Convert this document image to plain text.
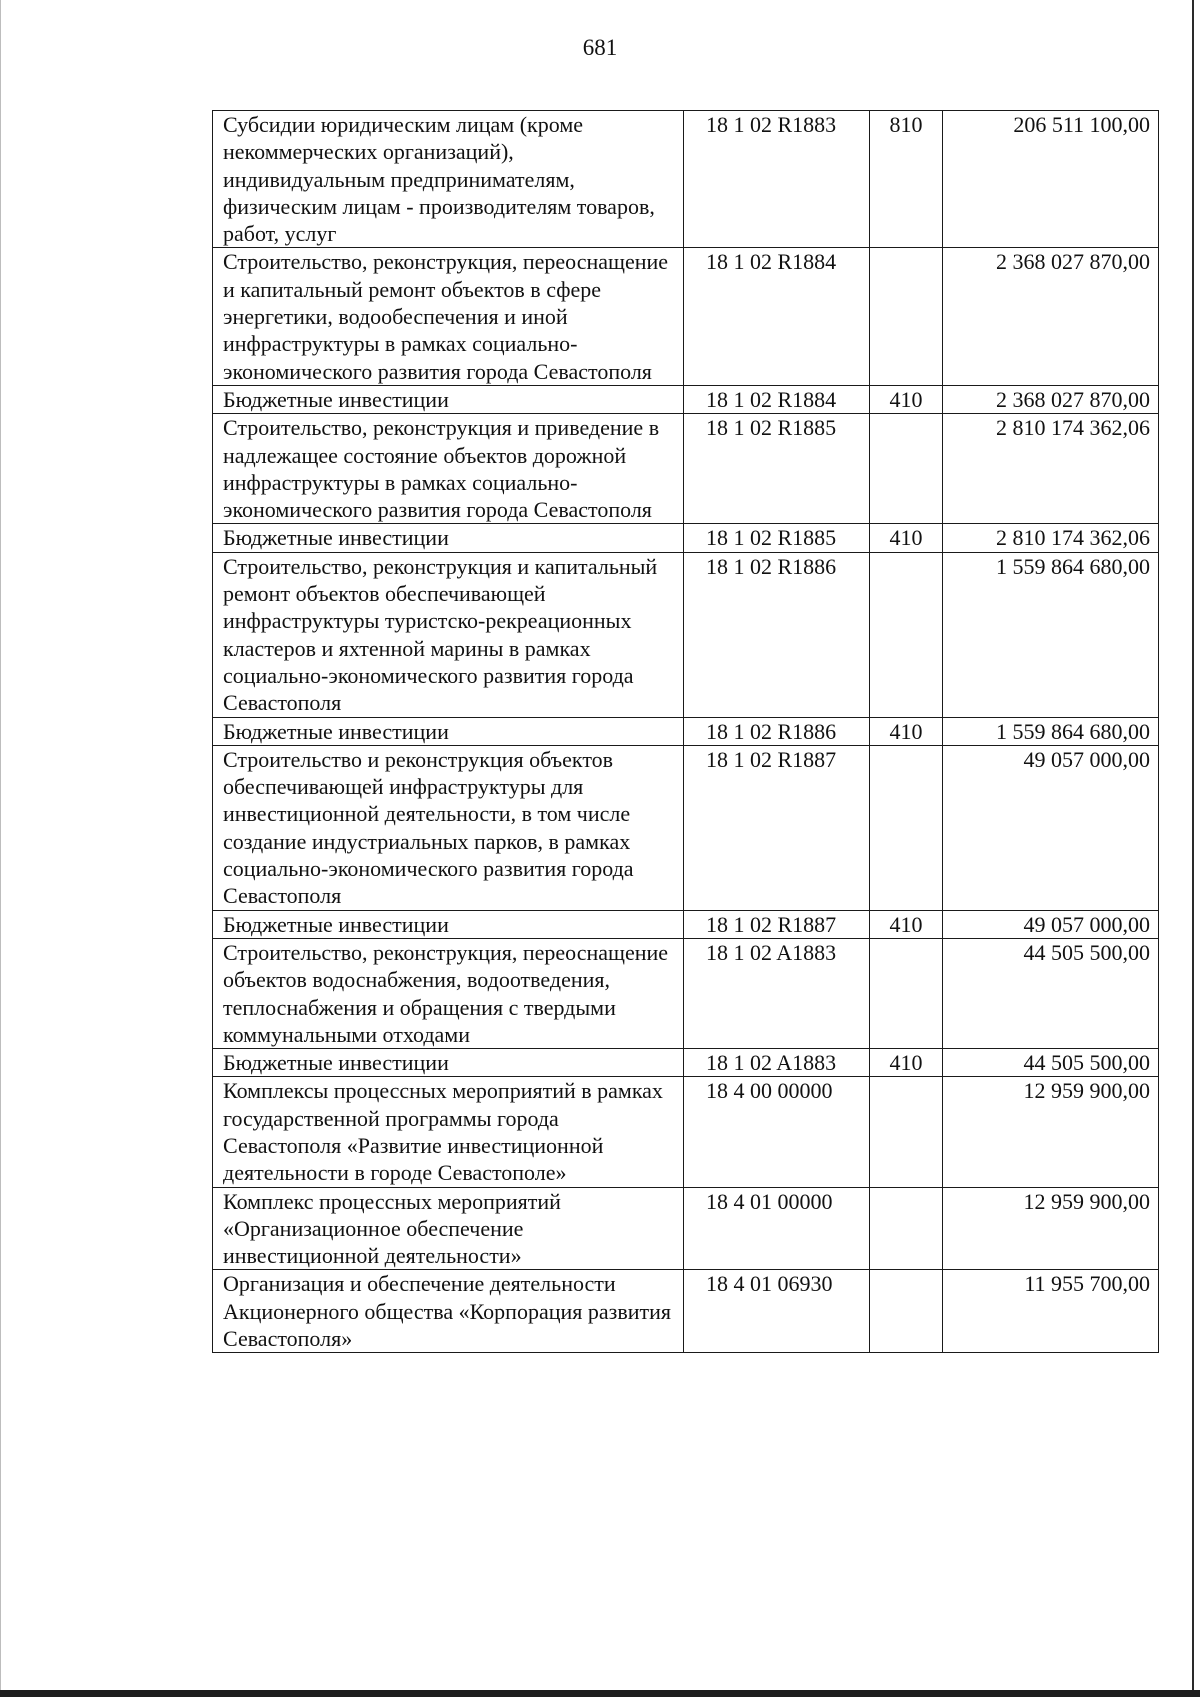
681
Субсидии юридическим лицам (кроме некоммерческих организаций), индивидуальным предпринимателям, физическим лицам - производителям товаров, работ, услуг	18 1 02 R1883	810	206 511 100,00
Строительство, реконструкция, переоснащение и капитальный ремонт объектов в сфере энергетики, водообеспечения и иной инфраструктуры в рамках социально-экономического развития города Севастополя	18 1 02 R1884		2 368 027 870,00
Бюджетные инвестиции	18 1 02 R1884	410	2 368 027 870,00
Строительство, реконструкция и приведение в надлежащее состояние объектов дорожной инфраструктуры в рамках социально-экономического развития города Севастополя	18 1 02 R1885		2 810 174 362,06
Бюджетные инвестиции	18 1 02 R1885	410	2 810 174 362,06
Строительство, реконструкция и капитальный ремонт объектов обеспечивающей инфраструктуры туристско-рекреационных кластеров и яхтенной марины в рамках социально-экономического развития города Севастополя	18 1 02 R1886		1 559 864 680,00
Бюджетные инвестиции	18 1 02 R1886	410	1 559 864 680,00
Строительство и реконструкция объектов обеспечивающей инфраструктуры для инвестиционной деятельности, в том числе создание индустриальных парков, в рамках социально-экономического развития города Севастополя	18 1 02 R1887		49 057 000,00
Бюджетные инвестиции	18 1 02 R1887	410	49 057 000,00
Строительство, реконструкция, переоснащение объектов водоснабжения, водоотведения, теплоснабжения и обращения с твердыми коммунальными отходами	18 1 02 A1883		44 505 500,00
Бюджетные инвестиции	18 1 02 A1883	410	44 505 500,00
Комплексы процессных мероприятий в рамках государственной программы города Севастополя «Развитие инвестиционной деятельности в городе Севастополе»	18 4 00 00000		12 959 900,00
Комплекс процессных мероприятий «Организационное обеспечение инвестиционной деятельности»	18 4 01 00000		12 959 900,00
Организация и обеспечение деятельности Акционерного общества «Корпорация развития Севастополя»	18 4 01 06930		11 955 700,00
